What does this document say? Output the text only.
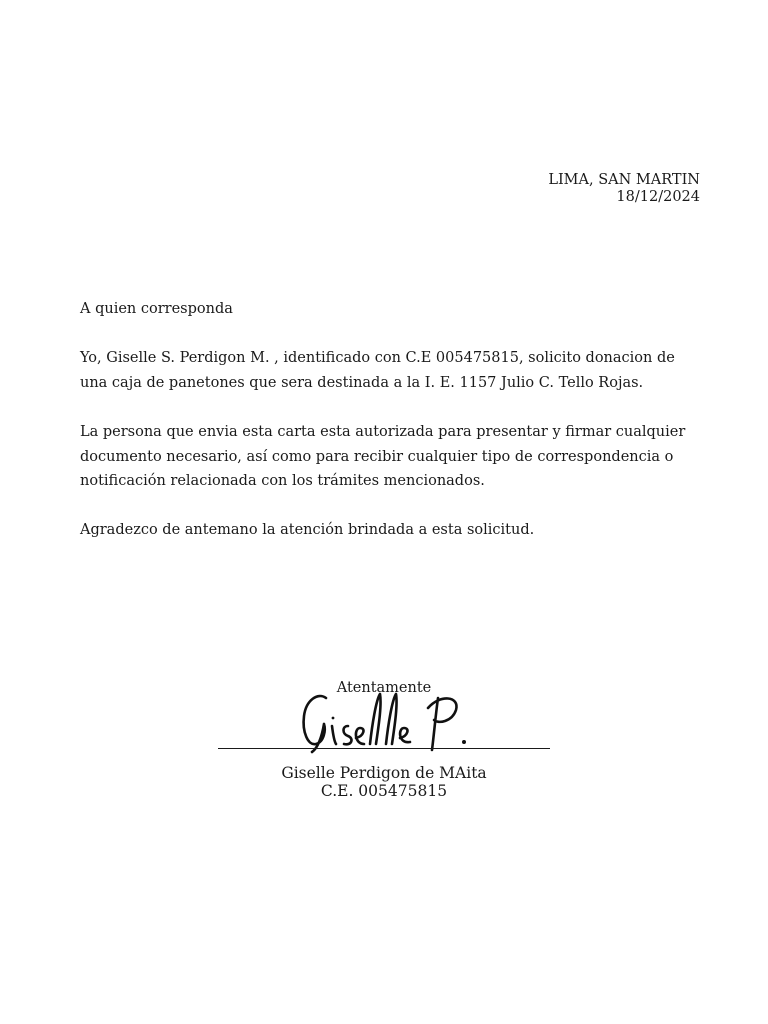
LIMA, SAN MARTIN
18/12/2024

A quien corresponda

Yo, Giselle S. Perdigon M. , identificado con C.E 005475815, solicito donacion de una caja de panetones que sera destinada a la I. E. 1157 Julio C. Tello Rojas.

La persona que envia esta carta esta autorizada para presentar y firmar cualquier documento necesario, así como para recibir cualquier tipo de correspondencia o notificación relacionada con los trámites mencionados.

Agradezco de antemano la atención brindada a esta solicitud.

Atentamente
Giselle Perdigon de MAita
C.E. 005475815
